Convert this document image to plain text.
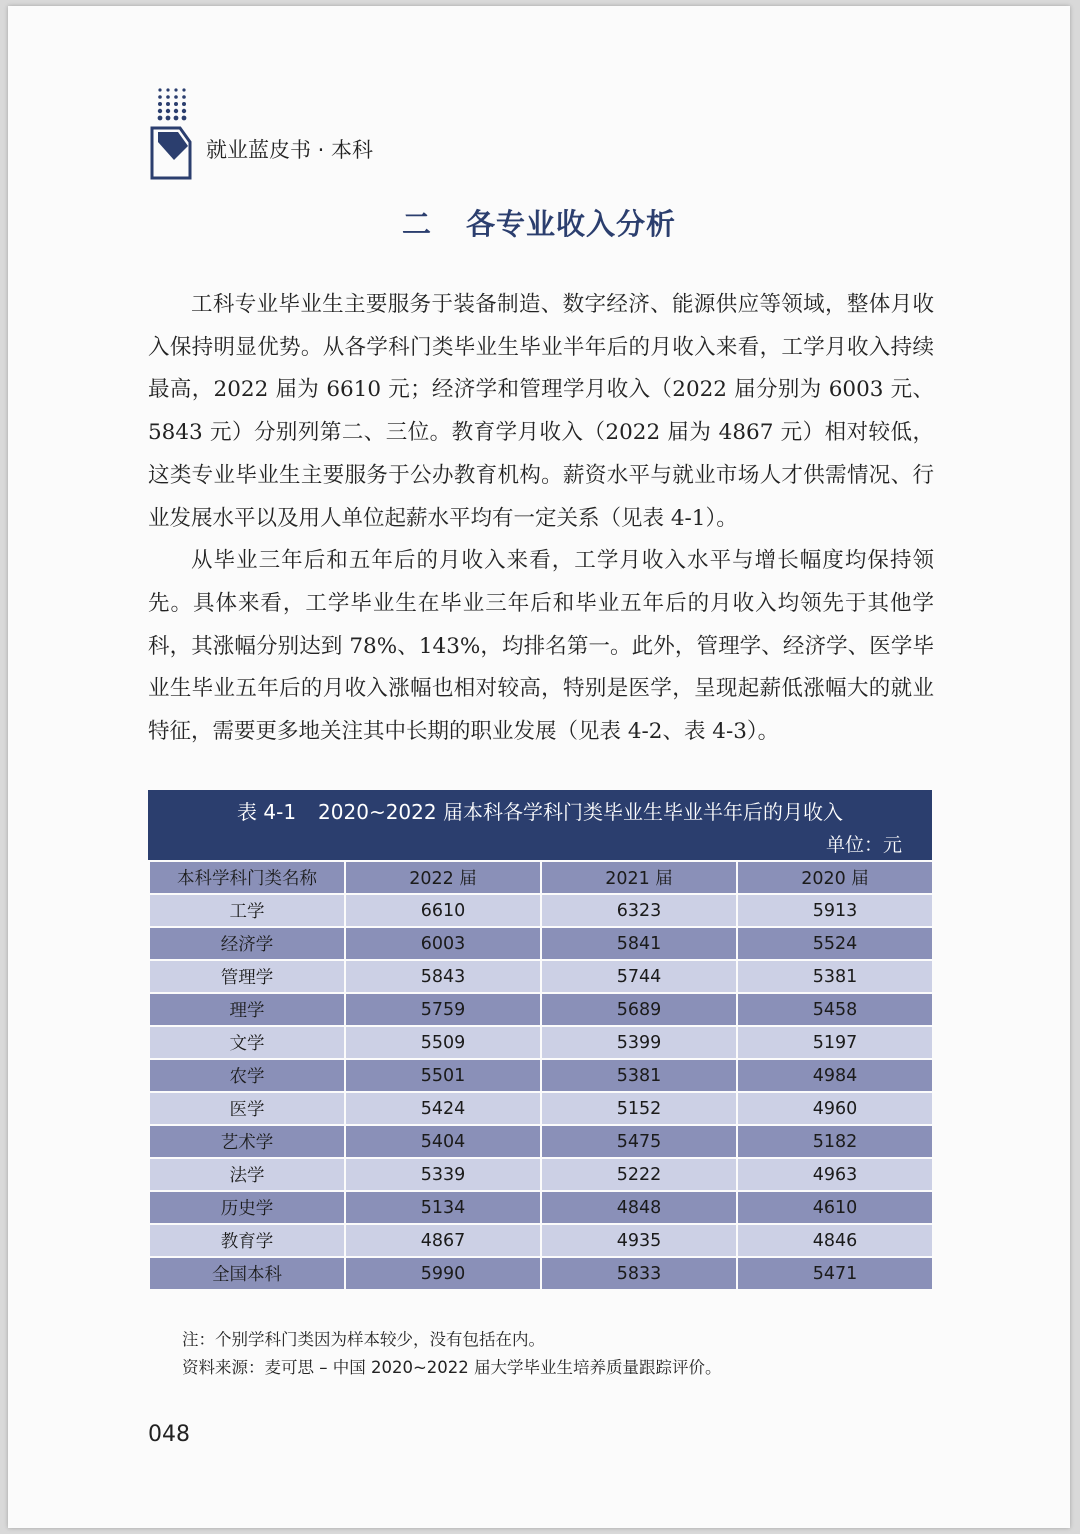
就业蓝皮书 · 本科
二 各专业收入分析

工科专业毕业生主要服务于装备制造、数字经济、能源供应等领域，整体月收入保持明显优势。从各学科门类毕业生毕业半年后的月收入来看，工学月收入持续最高，2022 届为 6610 元；经济学和管理学月收入（2022 届分别为 6003 元、5843 元）分别列第二、三位。教育学月收入（2022 届为 4867 元）相对较低，这类专业毕业生主要服务于公办教育机构。薪资水平与就业市场人才供需情况、行业发展水平以及用人单位起薪水平均有一定关系（见表 4-1）。

从毕业三年后和五年后的月收入来看，工学月收入水平与增长幅度均保持领先。具体来看，工学毕业生在毕业三年后和毕业五年后的月收入均领先于其他学科，其涨幅分别达到 78%、143%，均排名第一。此外，管理学、经济学、医学毕业生毕业五年后的月收入涨幅也相对较高，特别是医学，呈现起薪低涨幅大的就业特征，需要更多地关注其中长期的职业发展（见表 4-2、表 4-3）。

表 4-1 2020~2022 届本科各学科门类毕业生毕业半年后的月收入
单位：元
本科学科门类名称	2022 届	2021 届	2020 届
工学	6610	6323	5913
经济学	6003	5841	5524
管理学	5843	5744	5381
理学	5759	5689	5458
文学	5509	5399	5197
农学	5501	5381	4984
医学	5424	5152	4960
艺术学	5404	5475	5182
法学	5339	5222	4963
历史学	5134	4848	4610
教育学	4867	4935	4846
全国本科	5990	5833	5471
注：个别学科门类因为样本较少，没有包括在内。
资料来源：麦可思 – 中国 2020~2022 届大学毕业生培养质量跟踪评价。
048
